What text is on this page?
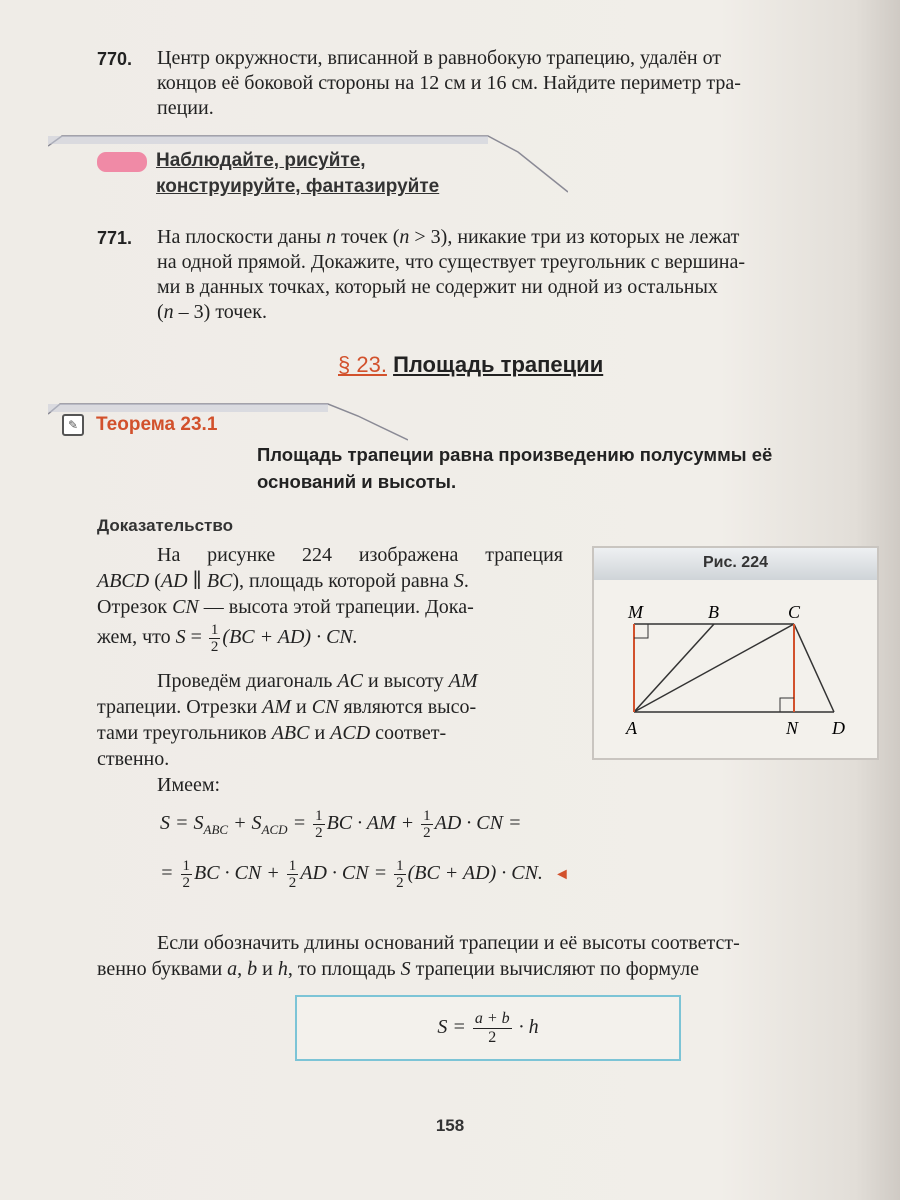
770. Центр окружности, вписанной в равнобокую трапецию, удалён от
концов её боковой стороны на 12 см и 16 см. Найдите периметр тра-
пеции.
Наблюдайте, рисуйте,
конструируйте, фантазируйте
771. На плоскости даны n точек (n > 3), никакие три из которых не лежат
на одной прямой. Докажите, что существует треугольник с вершина-
ми в данных точках, который не содержит ни одной из остальных
(n – 3) точек.
§ 23. Площадь трапеции
✎ Теорема 23.1
Площадь трапеции равна произведению полусуммы её
оснований и высоты.
Доказательство
На рисунке 224 изображена трапеция
ABCD (AD ∥ BC), площадь которой равна S.
Отрезок CN — высота этой трапеции. Дока-
жем, что $S = \frac{1}{2} (BC + AD)$ · CN.
Проведём диагональ AC и высоту AM
трапеции. Отрезки AM и CN являются высо-
тами треугольников ABC и ACD соответ-
ственно.
Имеем:
$S = S_{ABC} + S_{ACD} = \frac{1}{2}$ BC · AM + $\frac{1}{2}$ AD · CN =
= $\frac{1}{2}$ BC · CN + $\frac{1}{2}$ AD · CN = $\frac{1}{2} (BC + AD)$ · CN. ◄
Если обозначить длины оснований трапеции и её высоты соответст-
венно буквами a, b и h, то площадь S трапеции вычисляют по формуле
$S = \frac{a + b}{2} \cdot h$
Рис. 224
M	B	C
A	N D
158
